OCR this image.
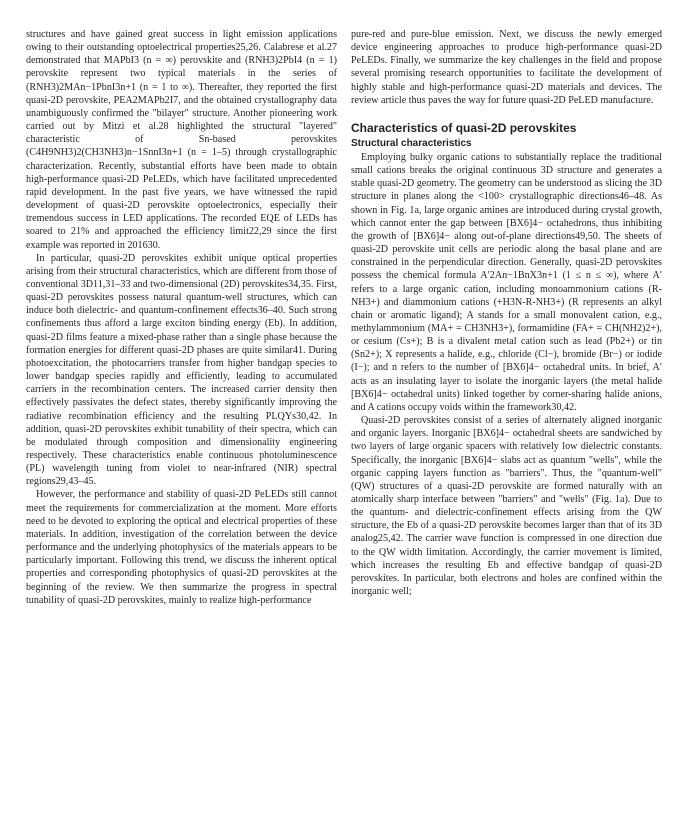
structures and have gained great success in light emission applications owing to their outstanding optoelectrical properties25,26. Calabrese et al.27 demonstrated that MAPbI3 (n = ∞) perovskite and (RNH3)2PbI4 (n = 1) perovskite represent two typical materials in the series of (RNH3)2MAn−1PbnI3n+1 (n = 1 to ∞). Thereafter, they reported the first quasi-2D perovskite, PEA2MAPb2I7, and the obtained crystallography data unambiguously confirmed the "bilayer" structure. Another pioneering work carried out by Mitzi et al.28 highlighted the structural "layered" characteristic of Sn-based perovskites (C4H9NH3)2(CH3NH3)n−1SnnI3n+1 (n = 1–5) through crystallographic characterization. Recently, substantial efforts have been made to obtain high-performance quasi-2D PeLEDs, which have facilitated unprecedented rapid development. In the past five years, we have witnessed the rapid development of quasi-2D perovskite optoelectronics, especially their tremendous success in LED applications. The recorded EQE of LEDs has soared to 21% and approached the efficiency limit22,29 since the first example was reported in 201630.

In particular, quasi-2D perovskites exhibit unique optical properties arising from their structural characteristics, which are different from those of conventional 3D11,31–33 and two-dimensional (2D) perovskites34,35. First, quasi-2D perovskites possess natural quantum-well structures, which can induce both dielectric- and quantum-confinement effects36–40. Such strong confinements thus afford a large exciton binding energy (Eb). In addition, quasi-2D films feature a mixed-phase rather than a single phase because the formation energies for different quasi-2D phases are quite similar41. During photoexcitation, the photocarriers transfer from higher bandgap species to lower bandgap species rapidly and efficiently, leading to accumulated carriers in the recombination centers. The increased carrier density then effectively passivates the defect states, thereby significantly improving the radiative recombination efficiency and the resulting PLQYs30,42. In addition, quasi-2D perovskites exhibit tunability of their spectra, which can be modulated through composition and dimensionality engineering respectively. These characteristics enable continuous photoluminescence (PL) wavelength tuning from violet to near-infrared (NIR) spectral regions29,43–45.

However, the performance and stability of quasi-2D PeLEDs still cannot meet the requirements for commercialization at the moment. More efforts need to be devoted to exploring the optical and electrical properties of these materials. In addition, investigation of the correlation between the device performance and the underlying photophysics of the materials appears to be particularly important. Following this trend, we discuss the inherent optical properties and corresponding photophysics of quasi-2D perovskites at the beginning of the review. We then summarize the progress in spectral tunability of quasi-2D perovskites, mainly to realize high-performance

pure-red and pure-blue emission. Next, we discuss the newly emerged device engineering approaches to produce high-performance quasi-2D PeLEDs. Finally, we summarize the key challenges in the field and propose several promising research opportunities to facilitate the development of highly stable and high-performance quasi-2D materials and devices. The review article thus paves the way for future quasi-2D PeLED manufacture.

Characteristics of quasi-2D perovskites
Structural characteristics

Employing bulky organic cations to substantially replace the traditional small cations breaks the original continuous 3D structure and generates a stable quasi-2D geometry. The geometry can be understood as slicing the 3D structure in planes along the <100> crystallographic directions46–48. As shown in Fig. 1a, large organic amines are introduced during crystal growth, which cannot enter the gap between [BX6]4− octahedrons, thus inhibiting the growth of [BX6]4− along out-of-plane directions49,50. The sheets of quasi-2D perovskite unit cells are periodic along the basal plane and are constrained in the perpendicular direction. Generally, quasi-2D perovskites possess the chemical formula A′2An−1BnX3n+1 (1 ≤ n ≤ ∞), where A′ refers to a large organic cation, including monoammonium cations (R-NH3+) and diammonium cations (+H3N-R-NH3+) (R represents an alkyl chain or aromatic ligand); A stands for a small monovalent cation, e.g., methylammonium (MA+ = CH3NH3+), formamidine (FA+ = CH(NH2)2+), or cesium (Cs+); B is a divalent metal cation such as lead (Pb2+) or tin (Sn2+); X represents a halide, e.g., chloride (Cl−), bromide (Br−) or iodide (I−); and n refers to the number of [BX6]4− octahedral units. In brief, A′ acts as an insulating layer to isolate the inorganic layers (the metal halide [BX6]4− octahedral units) linked together by corner-sharing halide anions, and A cations occupy voids within the framework30,42.

Quasi-2D perovskites consist of a series of alternately aligned inorganic and organic layers. Inorganic [BX6]4− octahedral sheets are sandwiched by two layers of large organic spacers with relatively low dielectric constants. Specifically, the inorganic [BX6]4− slabs act as quantum "wells", while the organic capping layers function as "barriers". Thus, the "quantum-well" (QW) structures of a quasi-2D perovskite are formed naturally with an atomically sharp interface between "barriers" and "wells" (Fig. 1a). Due to the quantum- and dielectric-confinement effects arising from the QW structure, the Eb of a quasi-2D perovskite becomes larger than that of its 3D analog25,42. The carrier wave function is compressed in one direction due to the QW width limitation. Accordingly, the carrier movement is limited, which increases the resulting Eb and effective bandgap of quasi-2D perovskites. In particular, both electrons and holes are confined within the inorganic well;
